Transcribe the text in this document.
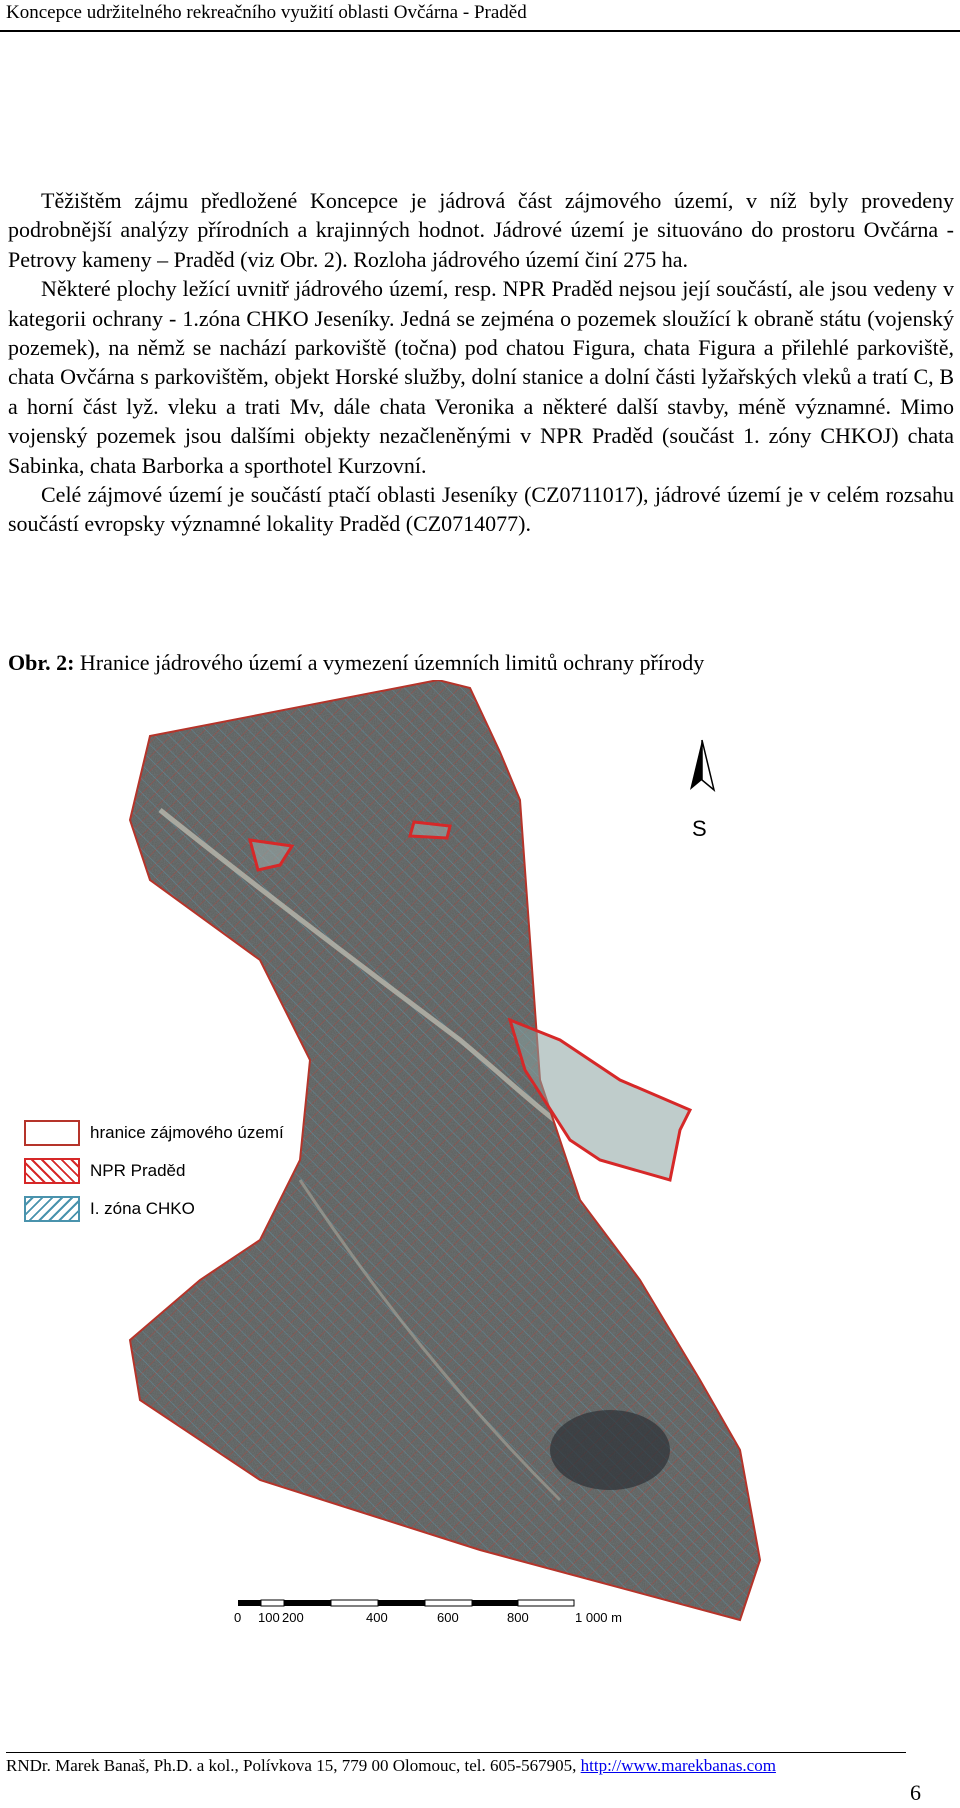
Koncepce udržitelného rekreačního využití oblasti Ovčárna - Praděd

Těžištěm zájmu předložené Koncepce je jádrová část zájmového území, v níž byly provedeny podrobnější analýzy přírodních a krajinných hodnot. Jádrové území je situováno do prostoru Ovčárna - Petrovy kameny – Praděd (viz Obr. 2). Rozloha jádrového území činí 275 ha.

Některé plochy ležící uvnitř jádrového území, resp. NPR Praděd nejsou její součástí, ale jsou vedeny v kategorii ochrany - 1.zóna CHKO Jeseníky. Jedná se zejména o pozemek sloužící k obraně státu (vojenský pozemek), na němž se nachází parkoviště (točna) pod chatou Figura, chata Figura a přilehlé parkoviště, chata Ovčárna s parkovištěm, objekt Horské služby, dolní stanice a dolní části lyžařských vleků a tratí C, B a horní část lyž. vleku a trati Mv, dále chata Veronika a některé další stavby, méně významné. Mimo vojenský pozemek jsou dalšími objekty nezačleněnými v NPR Praděd (součást 1. zóny CHKOJ) chata Sabinka, chata Barborka a sporthotel Kurzovní.

Celé zájmové území je součástí ptačí oblasti Jeseníky (CZ0711017), jádrové území je v celém rozsahu součástí evropsky významné lokality Praděd (CZ0714077).

Obr. 2: Hranice jádrového území a vymezení územních limitů ochrany přírody
S
hranice zájmového území
NPR Praděd
I. zóna CHKO
0 100 200	400	600	800	1 000 m
RNDr. Marek Banaš, Ph.D. a kol., Polívkova 15, 779 00 Olomouc, tel. 605-567905, http://www.marekbanas.com
6
